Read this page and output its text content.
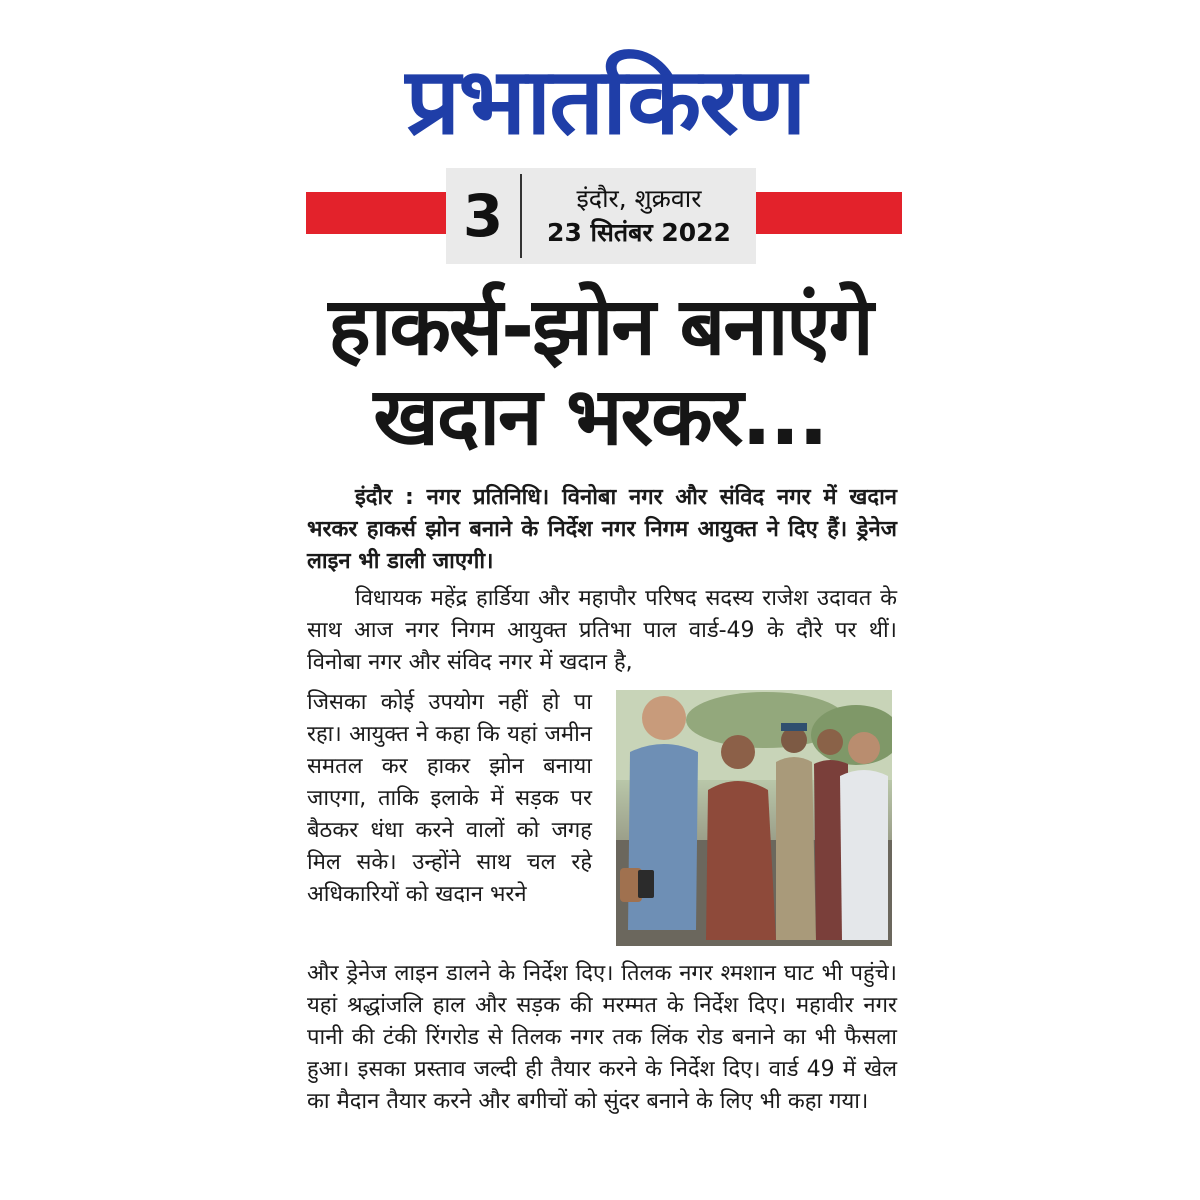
प्रभातकिरण
3	इंदौर, शुक्रवार
23 सितंबर 2022
हाकर्स-झोन बनाएंगे
खदान भरकर...
इंदौर : नगर प्रतिनिधि। विनोबा नगर और संविद नगर में खदान भरकर हाकर्स झोन बनाने के निर्देश नगर निगम आयुक्त ने दिए हैं। ड्रेनेज लाइन भी डाली जाएगी।
विधायक महेंद्र हार्डिया और महापौर परिषद सदस्य राजेश उदावत के साथ आज नगर निगम आयुक्त प्रतिभा पाल वार्ड-49 के दौरे पर थीं। विनोबा नगर और संविद नगर में खदान है,
जिसका कोई उपयोग नहीं हो पा रहा। आयुक्त ने कहा कि यहां जमीन समतल कर हाकर झोन बनाया जाएगा, ताकि इलाके में सड़क पर बैठकर धंधा करने वालों को जगह मिल सके। उन्होंने साथ चल रहे अधिकारियों को खदान भरने
और ड्रेनेज लाइन डालने के निर्देश दिए। तिलक नगर श्मशान घाट भी पहुंचे। यहां श्रद्धांजलि हाल और सड़क की मरम्मत के निर्देश दिए। महावीर नगर पानी की टंकी रिंगरोड से तिलक नगर तक लिंक रोड बनाने का भी फैसला हुआ। इसका प्रस्ताव जल्दी ही तैयार करने के निर्देश दिए। वार्ड 49 में खेल का मैदान तैयार करने और बगीचों को सुंदर बनाने के लिए भी कहा गया।
